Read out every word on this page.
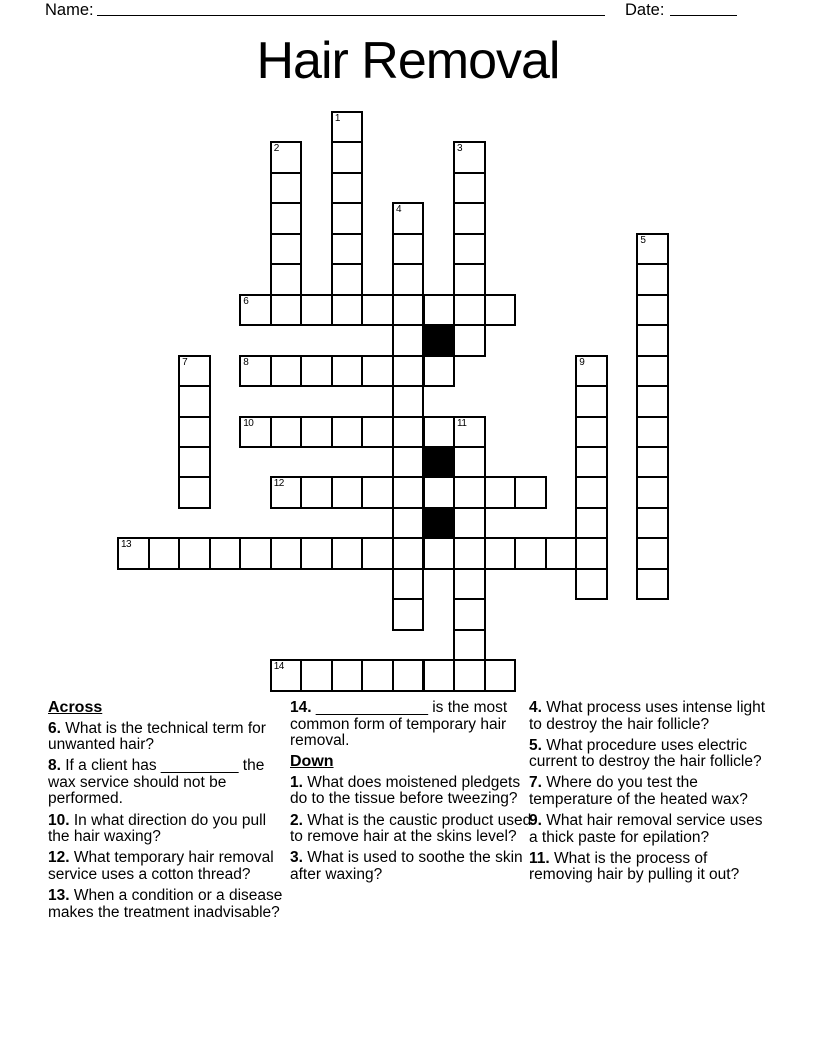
Name:	Date:
Hair Removal
1
2	3
4
5
6
7	8	9
10	11
12
13
14
Across
6. What is the technical term for unwanted hair?
8. If a client has _________ the wax service should not be performed.
10. In what direction do you pull the hair waxing?
12. What temporary hair removal service uses a cotton thread?
13. When a condition or a disease makes the treatment inadvisable?
14. _____________ is the most common form of temporary hair removal.
Down
1. What does moistened pledgets do to the tissue before tweezing?
2. What is the caustic product used to remove hair at the skins level?
3. What is used to soothe the skin after waxing?
4. What process uses intense light to destroy the hair follicle?
5. What procedure uses electric current to destroy the hair follicle?
7. Where do you test the temperature of the heated wax?
9. What hair removal service uses a thick paste for epilation?
11. What is the process of removing hair by pulling it out?
